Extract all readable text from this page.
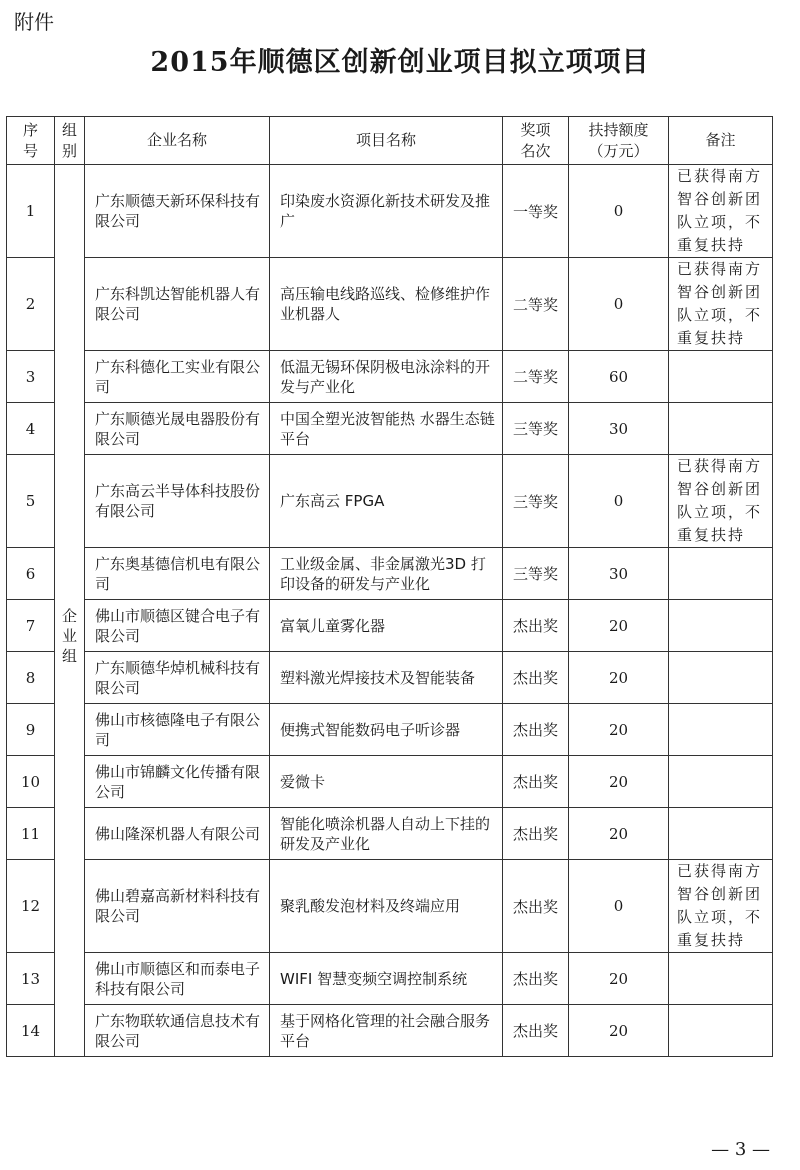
附件
2015年顺德区创新创业项目拟立项项目
序号	组别	企业名称	项目名称	奖项名次	扶持额度（万元）	备注
1	企业组	广东顺德天新环保科技有限公司	印染废水资源化新技术研发及推广	一等奖	0	已获得南方智谷创新团队立项，不重复扶持
2		广东科凯达智能机器人有限公司	高压输电线路巡线、检修维护作业机器人	二等奖	0	已获得南方智谷创新团队立项，不重复扶持
3		广东科德化工实业有限公司	低温无锡环保阴极电泳涂料的开发与产业化	二等奖	60	
4		广东顺德光晟电器股份有限公司	中国全塑光波智能热 水器生态链平台	三等奖	30	
5		广东高云半导体科技股份有限公司	广东高云 FPGA	三等奖	0	已获得南方智谷创新团队立项，不重复扶持
6		广东奥基德信机电有限公司	工业级金属、非金属激光3D 打印设备的研发与产业化	三等奖	30	
7		佛山市顺德区键合电子有限公司	富氧儿童雾化器	杰出奖	20	
8		广东顺德华焯机械科技有限公司	塑料激光焊接技术及智能装备	杰出奖	20	
9		佛山市核德隆电子有限公司	便携式智能数码电子听诊器	杰出奖	20	
10		佛山市锦麟文化传播有限公司	爱微卡	杰出奖	20	
11		佛山隆深机器人有限公司	智能化喷涂机器人自动上下挂的研发及产业化	杰出奖	20	
12		佛山碧嘉高新材料科技有限公司	聚乳酸发泡材料及终端应用	杰出奖	0	已获得南方智谷创新团队立项，不重复扶持
13		佛山市顺德区和而泰电子科技有限公司	WIFI 智慧变频空调控制系统	杰出奖	20	
14		广东物联软通信息技术有限公司	基于网格化管理的社会融合服务平台	杰出奖	20	
— 3 —
